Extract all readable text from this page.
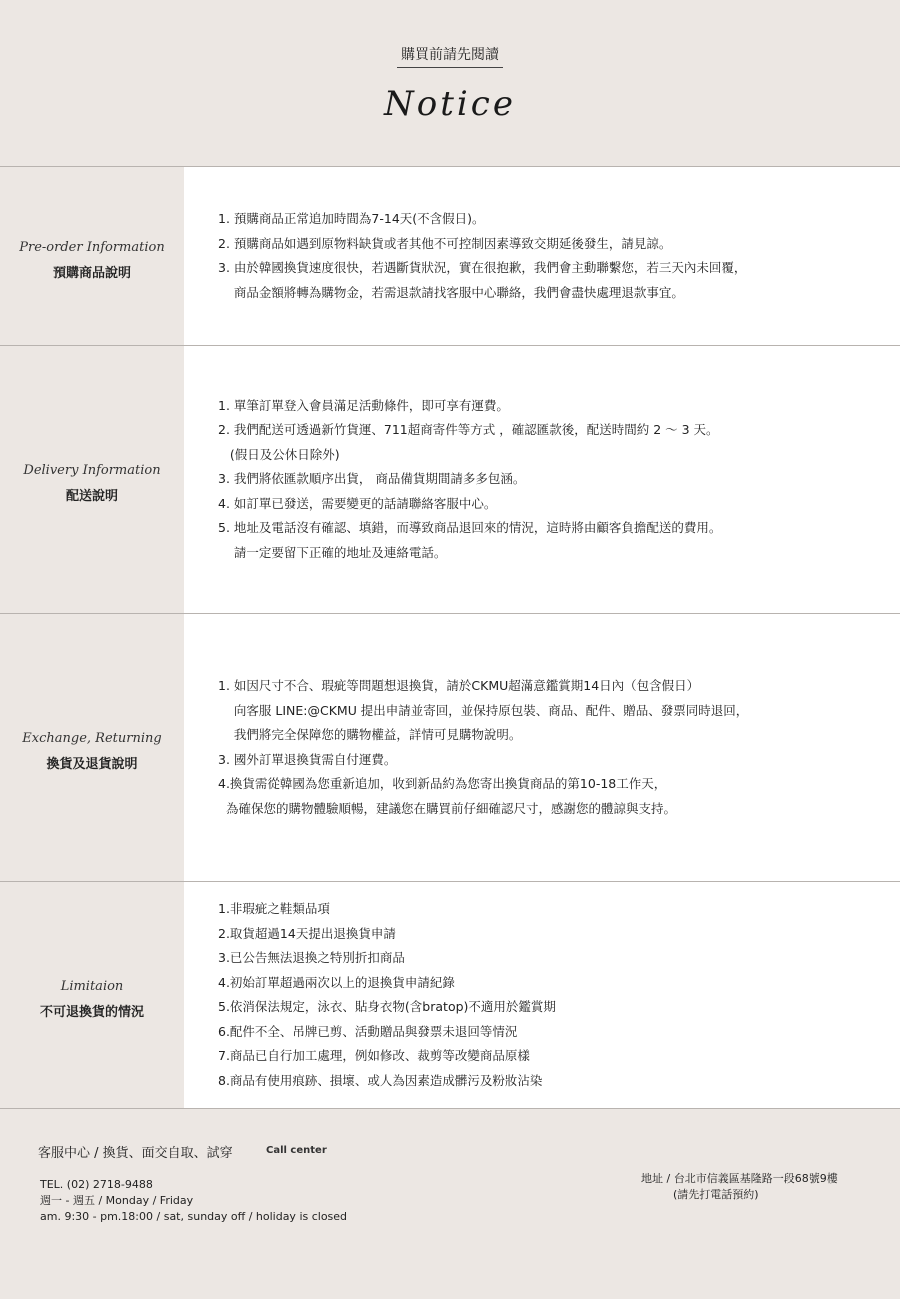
購買前請先閱讀
Notice
Pre-order Information
預購商品說明
1. 預購商品正常追加時間為7-14天(不含假日)。
2. 預購商品如遇到原物料缺貨或者其他不可控制因素導致交期延後發生，請見諒。
3. 由於韓國換貨速度很快，若遇斷貨狀況，實在很抱歉，我們會主動聯繫您，若三天內未回覆，
商品金額將轉為購物金，若需退款請找客服中心聯絡，我們會盡快處理退款事宜。
Delivery Information
配送說明
1. 單筆訂單登入會員滿足活動條件，即可享有運費。
2. 我們配送可透過新竹貨運、711超商寄件等方式 ，確認匯款後，配送時間約 2 ～ 3 天。
(假日及公休日除外)
3. 我們將依匯款順序出貨， 商品備貨期間請多多包涵。
4. 如訂單已發送，需要變更的話請聯絡客服中心。
5. 地址及電話沒有確認、填錯，而導致商品退回來的情況，這時將由顧客負擔配送的費用。
請一定要留下正確的地址及連絡電話。
Exchange, Returning
換貨及退貨說明
1. 如因尺寸不合、瑕疵等問題想退換貨，請於CKMU超滿意鑑賞期14日內（包含假日）
向客服 LINE:@CKMU 提出申請並寄回，並保持原包裝、商品、配件、贈品、發票同時退回，
我們將完全保障您的購物權益，詳情可見購物說明。
3. 國外訂單退換貨需自付運費。
4.換貨需從韓國為您重新追加，收到新品約為您寄出換貨商品的第10-18工作天，
為確保您的購物體驗順暢，建議您在購買前仔細確認尺寸，感謝您的體諒與支持。
Limitaion
不可退換貨的情況
1.非瑕疵之鞋類品項
2.取貨超過14天提出退換貨申請
3.已公告無法退換之特別折扣商品
4.初始訂單超過兩次以上的退換貨申請紀錄
5.依消保法規定，泳衣、貼身衣物(含bratop)不適用於鑑賞期
6.配件不全、吊牌已剪、活動贈品與發票未退回等情況
7.商品已自行加工處理，例如修改、裁剪等改變商品原樣
8.商品有使用痕跡、損壞、或人為因素造成髒污及粉妝沾染
客服中心 / 換貨、面交自取、試穿	Call center
TEL. (02) 2718-9488
週一 - 週五 / Monday / Friday
am. 9:30 - pm.18:00 / sat, sunday off / holiday is closed
地址 / 台北市信義區基隆路一段68號9樓
(請先打電話預約)
